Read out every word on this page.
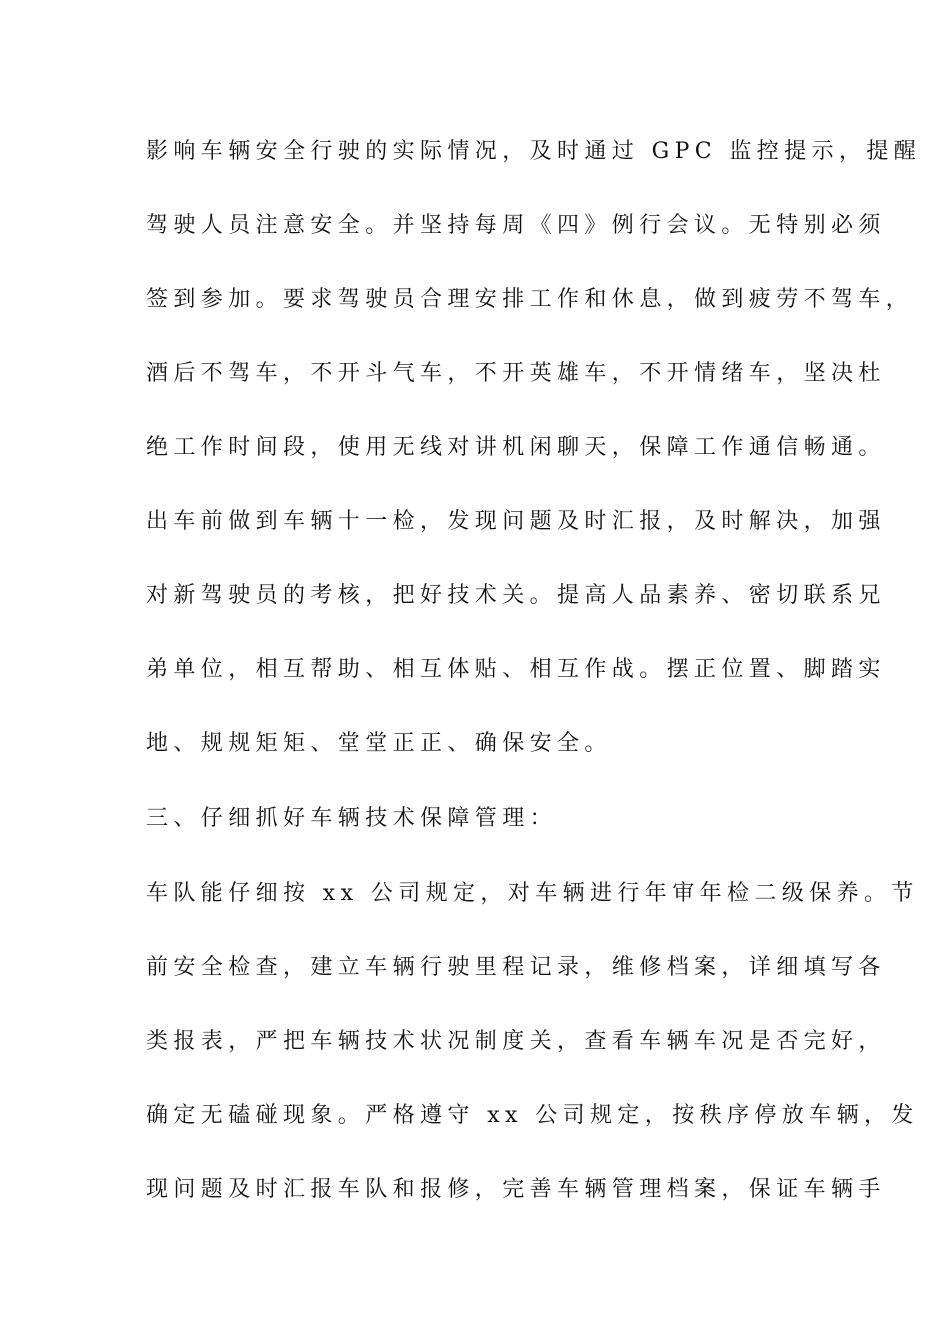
影响车辆安全行驶的实际情况，及时通过 GPC 监控提示，提醒
驾驶人员注意安全。并坚持每周《四》例行会议。无特别必须
签到参加。要求驾驶员合理安排工作和休息，做到疲劳不驾车，
酒后不驾车，不开斗气车，不开英雄车，不开情绪车，坚决杜
绝工作时间段，使用无线对讲机闲聊天，保障工作通信畅通。
出车前做到车辆十一检，发现问题及时汇报，及时解决，加强
对新驾驶员的考核，把好技术关。提高人品素养、密切联系兄
弟单位，相互帮助、相互体贴、相互作战。摆正位置、脚踏实
地、规规矩矩、堂堂正正、确保安全。
三、仔细抓好车辆技术保障管理：
车队能仔细按 xx 公司规定，对车辆进行年审年检二级保养。节
前安全检查，建立车辆行驶里程记录，维修档案，详细填写各
类报表，严把车辆技术状况制度关，查看车辆车况是否完好，
确定无磕碰现象。严格遵守 xx 公司规定，按秩序停放车辆，发
现问题及时汇报车队和报修，完善车辆管理档案，保证车辆手
